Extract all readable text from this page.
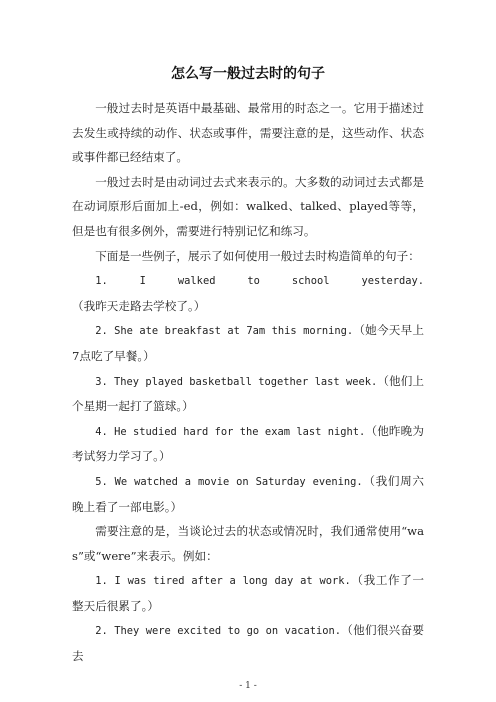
怎么写一般过去时的句子

一般过去时是英语中最基础、最常用的时态之一。它用于描述过去发生或持续的动作、状态或事件，需要注意的是，这些动作、状态或事件都已经结束了。

一般过去时是由动词过去式来表示的。大多数的动词过去式都是在动词原形后面加上-ed，例如：walked、talked、played等等，但是也有很多例外，需要进行特别记忆和练习。

下面是一些例子，展示了如何使用一般过去时构造简单的句子：

1. I walked to school yesterday.（我昨天走路去学校了。）

2. She ate breakfast at 7am this morning.（她今天早上7点吃了早餐。）

3. They played basketball together last week.（他们上个星期一起打了篮球。）

4. He studied hard for the exam last night.（他昨晚为考试努力学习了。）

5. We watched a movie on Saturday evening.（我们周六晚上看了一部电影。）

需要注意的是，当谈论过去的状态或情况时，我们通常使用“was”或“were”来表示。例如：

1. I was tired after a long day at work.（我工作了一整天后很累了。）

2. They were excited to go on vacation.（他们很兴奋要去

- 1 -
